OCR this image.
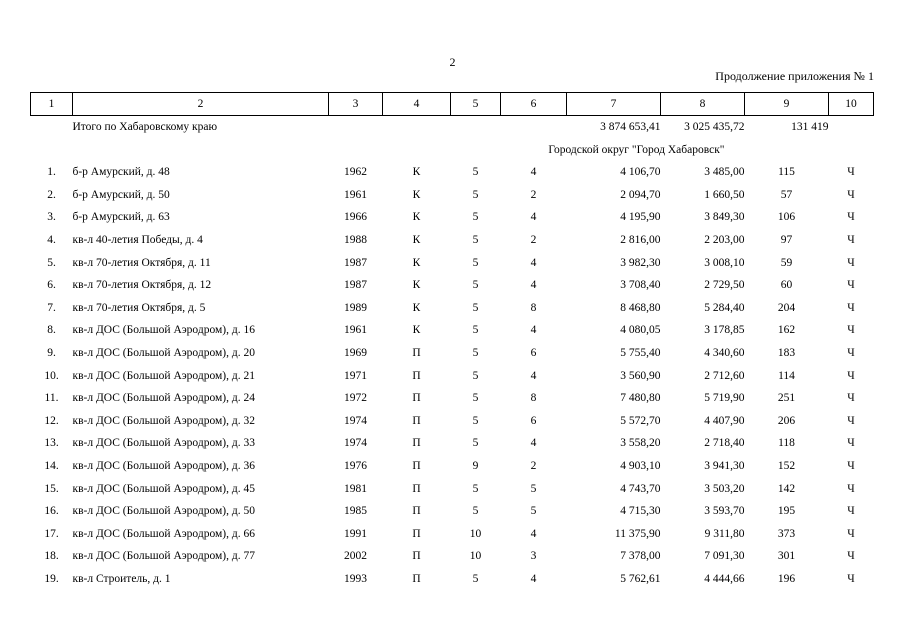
2
Продолжение приложения № 1
1	2	3	4	5	6	7	8	9	10
	Итого по Хабаровскому краю					3 874 653,41	3 025 435,72	131 419	
	Городской округ "Город Хабаровск"								
1.	б-р Амурский, д. 48	1962	К	5	4	4 106,70	3 485,00	115	Ч
2.	б-р Амурский, д. 50	1961	К	5	2	2 094,70	1 660,50	57	Ч
3.	б-р Амурский, д. 63	1966	К	5	4	4 195,90	3 849,30	106	Ч
4.	кв-л 40-летия Победы, д. 4	1988	К	5	2	2 816,00	2 203,00	97	Ч
5.	кв-л 70-летия Октября, д. 11	1987	К	5	4	3 982,30	3 008,10	59	Ч
6.	кв-л 70-летия Октября, д. 12	1987	К	5	4	3 708,40	2 729,50	60	Ч
7.	кв-л 70-летия Октября, д. 5	1989	К	5	8	8 468,80	5 284,40	204	Ч
8.	кв-л ДОС (Большой Аэродром), д. 16	1961	К	5	4	4 080,05	3 178,85	162	Ч
9.	кв-л ДОС (Большой Аэродром), д. 20	1969	П	5	6	5 755,40	4 340,60	183	Ч
10.	кв-л ДОС (Большой Аэродром), д. 21	1971	П	5	4	3 560,90	2 712,60	114	Ч
11.	кв-л ДОС (Большой Аэродром), д. 24	1972	П	5	8	7 480,80	5 719,90	251	Ч
12.	кв-л ДОС (Большой Аэродром), д. 32	1974	П	5	6	5 572,70	4 407,90	206	Ч
13.	кв-л ДОС (Большой Аэродром), д. 33	1974	П	5	4	3 558,20	2 718,40	118	Ч
14.	кв-л ДОС (Большой Аэродром), д. 36	1976	П	9	2	4 903,10	3 941,30	152	Ч
15.	кв-л ДОС (Большой Аэродром), д. 45	1981	П	5	5	4 743,70	3 503,20	142	Ч
16.	кв-л ДОС (Большой Аэродром), д. 50	1985	П	5	5	4 715,30	3 593,70	195	Ч
17.	кв-л ДОС (Большой Аэродром), д. 66	1991	П	10	4	11 375,90	9 311,80	373	Ч
18.	кв-л ДОС (Большой Аэродром), д. 77	2002	П	10	3	7 378,00	7 091,30	301	Ч
19.	кв-л Строитель, д. 1	1993	П	5	4	5 762,61	4 444,66	196	Ч
